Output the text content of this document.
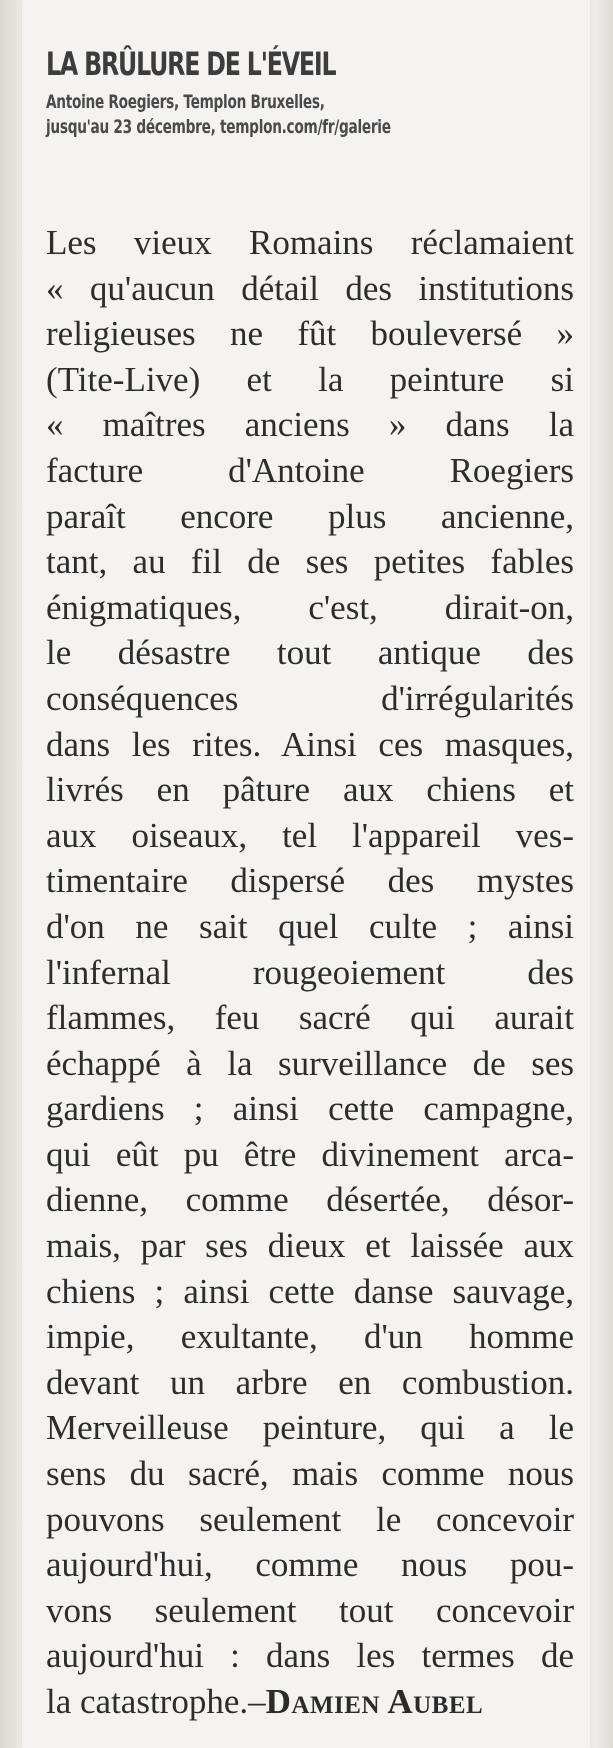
LA BRÛLURE DE L'ÉVEIL
Antoine Roegiers, Templon Bruxelles,
jusqu'au 23 décembre, templon.com/fr/galerie
Les vieux Romains réclamaient
« qu'aucun détail des institutions
religieuses ne fût bouleversé »
(Tite-Live) et la peinture si
« maîtres anciens » dans la
facture d'Antoine Roegiers
paraît encore plus ancienne,
tant, au fil de ses petites fables
énigmatiques, c'est, dirait-on,
le désastre tout antique des
conséquences d'irrégularités
dans les rites. Ainsi ces masques,
livrés en pâture aux chiens et
aux oiseaux, tel l'appareil ves-
timentaire dispersé des mystes
d'on ne sait quel culte ; ainsi
l'infernal rougeoiement des
flammes, feu sacré qui aurait
échappé à la surveillance de ses
gardiens ; ainsi cette campagne,
qui eût pu être divinement arca-
dienne, comme désertée, désor-
mais, par ses dieux et laissée aux
chiens ; ainsi cette danse sauvage,
impie, exultante, d'un homme
devant un arbre en combustion.
Merveilleuse peinture, qui a le
sens du sacré, mais comme nous
pouvons seulement le concevoir
aujourd'hui, comme nous pou-
vons seulement tout concevoir
aujourd'hui : dans les termes de
la catastrophe.–Damien Aubel
